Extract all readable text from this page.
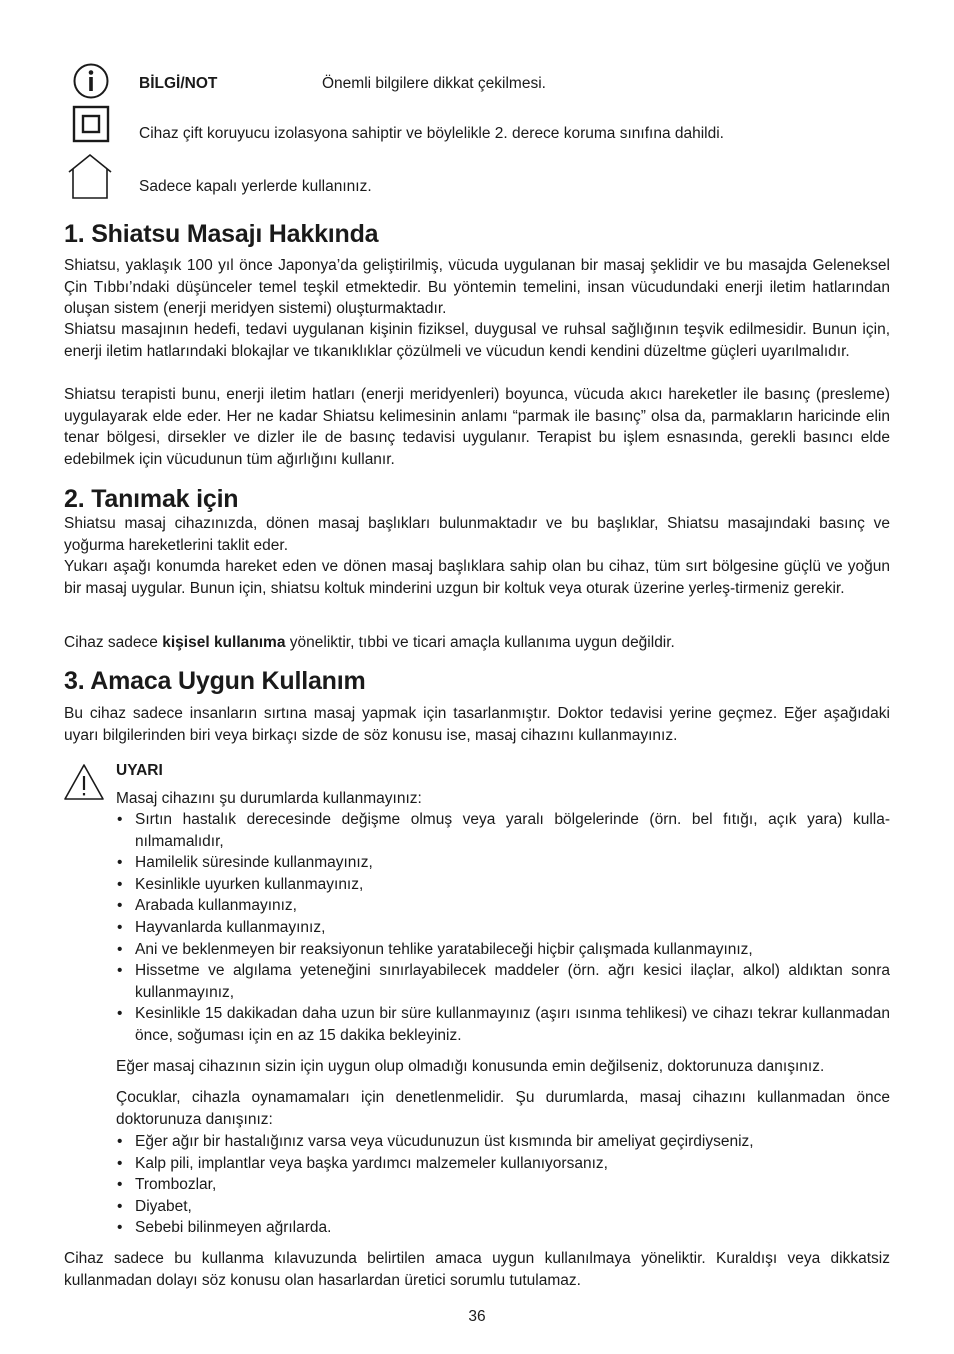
BİLGİ/NOT	Önemli bilgilere dikkat çekilmesi.
Cihaz çift koruyucu izolasyona sahiptir ve böylelikle 2. derece koruma sınıfına dahildi.
Sadece kapalı yerlerde kullanınız.
1. Shiatsu Masajı Hakkında

Shiatsu, yaklaşık 100 yıl önce Japonya’da geliştirilmiş, vücuda uygulanan bir masaj şeklidir ve bu masajda Geleneksel Çin Tıbbı’ndaki düşünceler temel teşkil etmektedir. Bu yöntemin temelini, insan vücudundaki enerji iletim hatlarından oluşan sistem (enerji meridyen sistemi) oluşturmaktadır.

Shiatsu masajının hedefi, tedavi uygulanan kişinin fiziksel, duygusal ve ruhsal sağlığının teşvik edilmesidir. Bunun için, enerji iletim hatlarındaki blokajlar ve tıkanıklıklar çözülmeli ve vücudun kendi kendini düzeltme güçleri uyarılmalıdır.

Shiatsu terapisti bunu, enerji iletim hatları (enerji meridyenleri) boyunca, vücuda akıcı hareketler ile basınç (presleme) uygulayarak elde eder. Her ne kadar Shiatsu kelimesinin anlamı “parmak ile basınç” olsa da, parmakların haricinde elin tenar bölgesi, dirsekler ve dizler ile de basınç tedavisi uygulanır. Terapist bu işlem esnasında, gerekli basıncı elde edebilmek için vücudunun tüm ağırlığını kullanır.

2. Tanımak için

Shiatsu masaj cihazınızda, dönen masaj başlıkları bulunmaktadır ve bu başlıklar, Shiatsu masajındaki basınç ve yoğurma hareketlerini taklit eder.

Yukarı aşağı konumda hareket eden ve dönen masaj başlıklara sahip olan bu cihaz, tüm sırt bölgesine güçlü ve yoğun bir masaj uygular. Bunun için, shiatsu koltuk minderini uzgun bir koltuk veya oturak üzerine yerleş-tirmeniz gerekir.

Cihaz sadece kişisel kullanıma yöneliktir, tıbbi ve ticari amaçla kullanıma uygun değildir.

3. Amaca Uygun Kullanım

Bu cihaz sadece insanların sırtına masaj yapmak için tasarlanmıştır. Doktor tedavisi yerine geçmez. Eğer aşağıdaki uyarı bilgilerinden biri veya birkaçı sizde de söz konusu ise, masaj cihazını kullanmayınız.

UYARI

Masaj cihazını şu durumlarda kullanmayınız:

• Sırtın hastalık derecesinde değişme olmuş veya yaralı bölgelerinde (örn. bel fıtığı, açık yara) kulla-nılmamalıdır,
• Hamilelik süresinde kullanmayınız,
• Kesinlikle uyurken kullanmayınız,
• Arabada kullanmayınız,
• Hayvanlarda kullanmayınız,
• Ani ve beklenmeyen bir reaksiyonun tehlike yaratabileceği hiçbir çalışmada kullanmayınız,
• Hissetme ve algılama yeteneğini sınırlayabilecek maddeler (örn. ağrı kesici ilaçlar, alkol) aldıktan sonra kullanmayınız,
• Kesinlikle 15 dakikadan daha uzun bir süre kullanmayınız (aşırı ısınma tehlikesi) ve cihazı tekrar kullanmadan önce, soğuması için en az 15 dakika bekleyiniz.

Eğer masaj cihazının sizin için uygun olup olmadığı konusunda emin değilseniz, doktorunuza danışınız.

Çocuklar, cihazla oynamamaları için denetlenmelidir. Şu durumlarda, masaj cihazını kullanmadan önce doktorunuza danışınız:

• Eğer ağır bir hastalığınız varsa veya vücudunuzun üst kısmında bir ameliyat geçirdiyseniz,
• Kalp pili, implantlar veya başka yardımcı malzemeler kullanıyorsanız,
• Trombozlar,
• Diyabet,
• Sebebi bilinmeyen ağrılarda.

Cihaz sadece bu kullanma kılavuzunda belirtilen amaca uygun kullanılmaya yöneliktir. Kuraldışı veya dikkatsiz kullanmadan dolayı söz konusu olan hasarlardan üretici sorumlu tutulamaz.

36
